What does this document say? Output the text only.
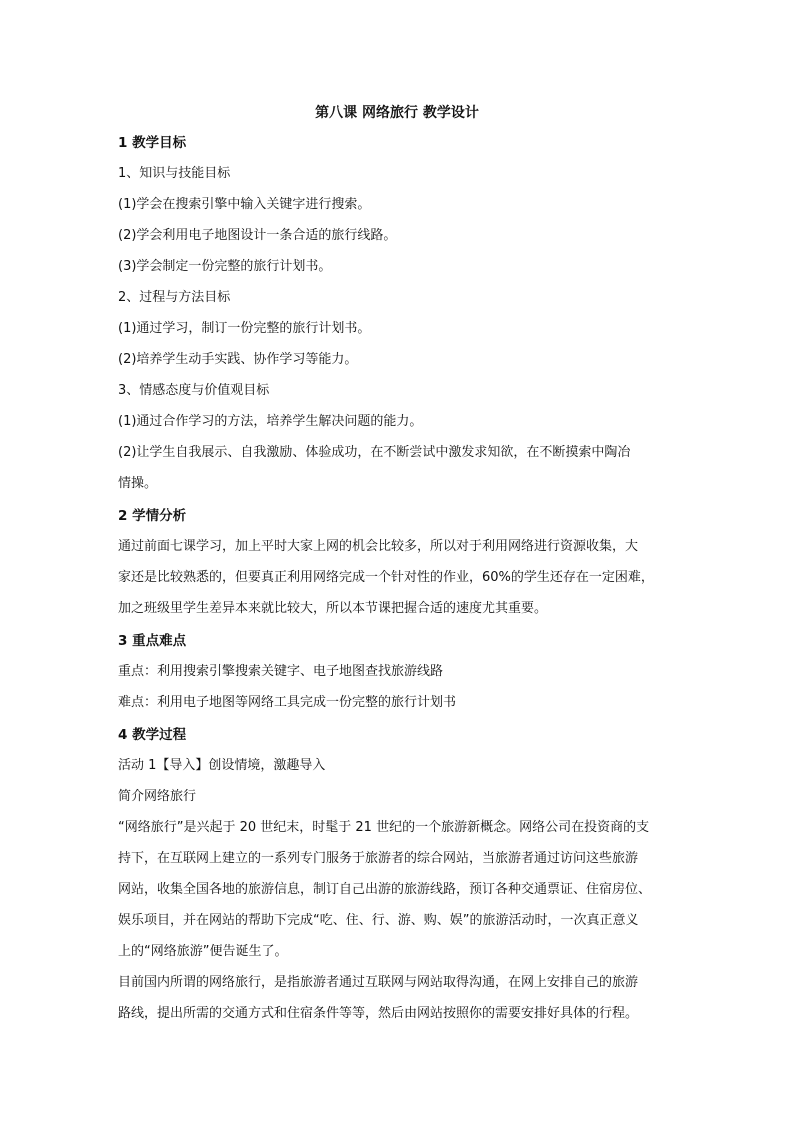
第八课 网络旅行 教学设计
1 教学目标
1、知识与技能目标
(1)学会在搜索引擎中输入关键字进行搜索。
(2)学会利用电子地图设计一条合适的旅行线路。
(3)学会制定一份完整的旅行计划书。
2、过程与方法目标
(1)通过学习，制订一份完整的旅行计划书。
(2)培养学生动手实践、协作学习等能力。
3、情感态度与价值观目标
(1)通过合作学习的方法，培养学生解决问题的能力。
(2)让学生自我展示、自我激励、体验成功，在不断尝试中激发求知欲，在不断摸索中陶冶
情操。
2 学情分析
通过前面七课学习，加上平时大家上网的机会比较多，所以对于利用网络进行资源收集，大
家还是比较熟悉的，但要真正利用网络完成一个针对性的作业，60%的学生还存在一定困难，
加之班级里学生差异本来就比较大，所以本节课把握合适的速度尤其重要。
3 重点难点
重点：利用搜索引擎搜索关键字、电子地图查找旅游线路
难点：利用电子地图等网络工具完成一份完整的旅行计划书
4 教学过程
活动 1【导入】创设情境，激趣导入
简介网络旅行
“网络旅行”是兴起于 20 世纪末，时髦于 21 世纪的一个旅游新概念。网络公司在投资商的支
持下，在互联网上建立的一系列专门服务于旅游者的综合网站，当旅游者通过访问这些旅游
网站，收集全国各地的旅游信息，制订自己出游的旅游线路，预订各种交通票证、住宿房位、
娱乐项目，并在网站的帮助下完成“吃、住、行、游、购、娱”的旅游活动时，一次真正意义
上的“网络旅游”便告诞生了。
目前国内所谓的网络旅行，是指旅游者通过互联网与网站取得沟通，在网上安排自己的旅游
路线，提出所需的交通方式和住宿条件等等，然后由网站按照你的需要安排好具体的行程。
